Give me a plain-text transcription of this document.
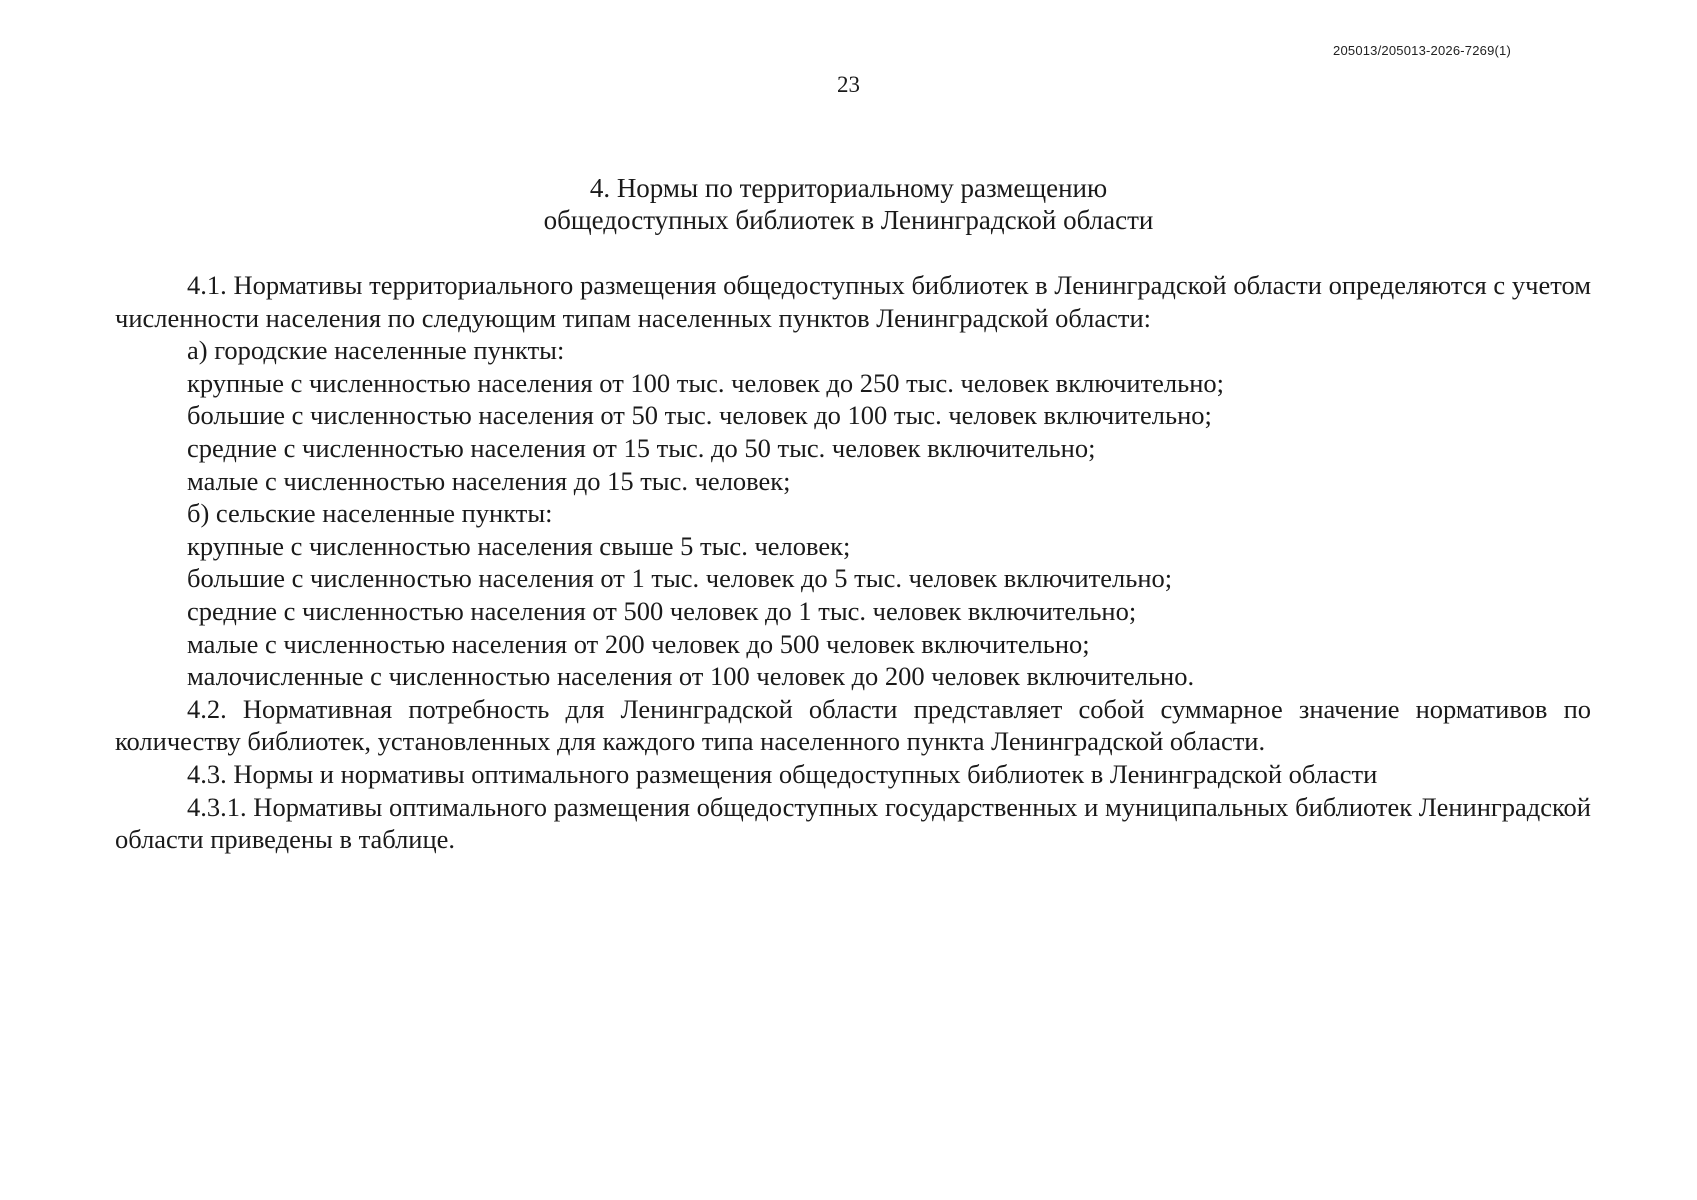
205013/205013-2026-7269(1)
23
4. Нормы по территориальному размещению
общедоступных библиотек в Ленинградской области

4.1. Нормативы территориального размещения общедоступных библиотек в Ленинградской области определяются с учетом численности населения по следующим типам населенных пунктов Ленинградской области:

а) городские населенные пункты:

крупные с численностью населения от 100 тыс. человек до 250 тыс. человек включительно;

большие с численностью населения от 50 тыс. человек до 100 тыс. человек включительно;

средние с численностью населения от 15 тыс. до 50 тыс. человек включительно;

малые с численностью населения до 15 тыс. человек;

б) сельские населенные пункты:

крупные с численностью населения свыше 5 тыс. человек;

большие с численностью населения от 1 тыс. человек до 5 тыс. человек включительно;

средние с численностью населения от 500 человек до 1 тыс. человек включительно;

малые с численностью населения от 200 человек до 500 человек включительно;

малочисленные с численностью населения от 100 человек до 200 человек включительно.

4.2. Нормативная потребность для Ленинградской области представляет собой суммарное значение нормативов по количеству библиотек, установленных для каждого типа населенного пункта Ленинградской области.

4.3. Нормы и нормативы оптимального размещения общедоступных библиотек в Ленинградской области

4.3.1. Нормативы оптимального размещения общедоступных государственных и муниципальных библиотек Ленинградской области приведены в таблице.
